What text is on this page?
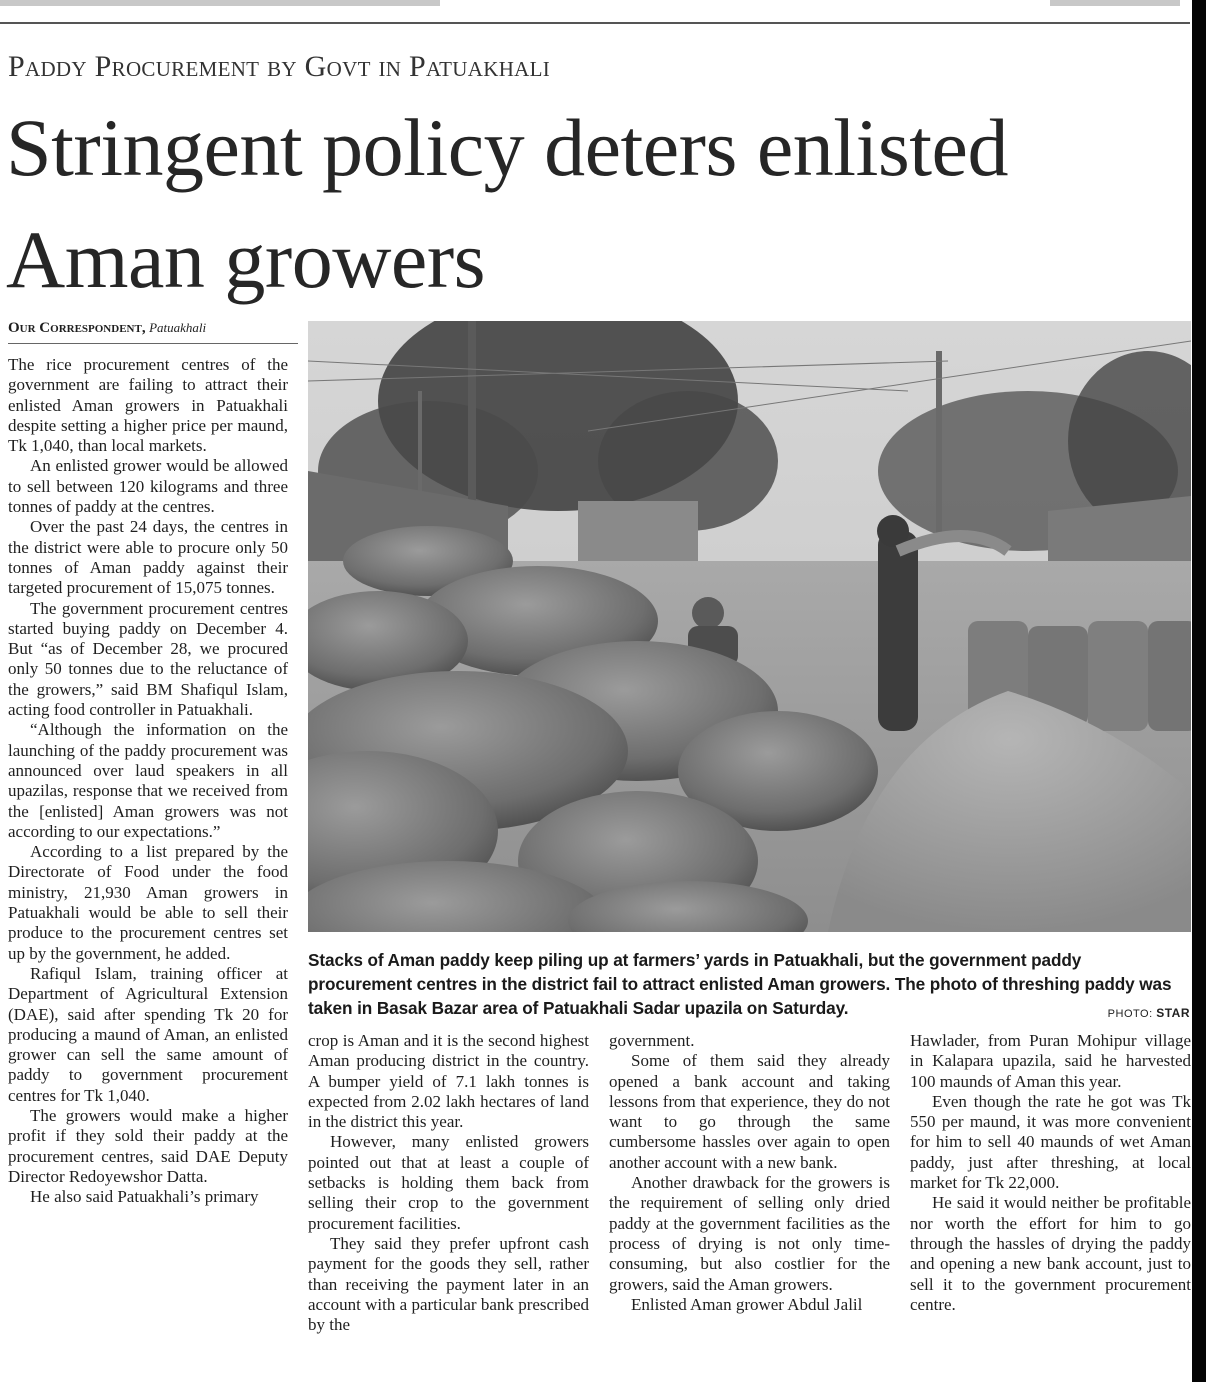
Paddy Procurement by Govt in Patuakhali
Stringent policy deters enlisted Aman growers
Our Correspondent, Patuakhali

The rice procurement centres of the government are failing to attract their enlisted Aman growers in Patuakhali despite setting a higher price per maund, Tk 1,040, than local markets.

An enlisted grower would be allowed to sell between 120 kilograms and three tonnes of paddy at the centres.

Over the past 24 days, the centres in the district were able to procure only 50 tonnes of Aman paddy against their targeted procurement of 15,075 tonnes.

The government procurement centres started buying paddy on December 4. But “as of December 28, we procured only 50 tonnes due to the reluctance of the growers,” said BM Shafiqul Islam, acting food controller in Patuakhali.

“Although the information on the launching of the paddy procurement was announced over laud speakers in all upazilas, response that we received from the [enlisted] Aman growers was not according to our expectations.”

According to a list prepared by the Directorate of Food under the food ministry, 21,930 Aman growers in Patuakhali would be able to sell their produce to the procurement centres set up by the government, he added.

Rafiqul Islam, training officer at Department of Agricultural Extension (DAE), said after spending Tk 20 for producing a maund of Aman, an enlisted grower can sell the same amount of paddy to government procurement centres for Tk 1,040.

The growers would make a higher profit if they sold their paddy at the procurement centres, said DAE Deputy Director Redoyewshor Datta.

He also said Patuakhali’s primary

Stacks of Aman paddy keep piling up at farmers’ yards in Patuakhali, but the government paddy procurement centres in the district fail to attract enlisted Aman growers. The photo of threshing paddy was taken in Basak Bazar area of Patuakhali Sadar upazila on Saturday.	PHOTO: STAR

crop is Aman and it is the second highest Aman producing district in the country. A bumper yield of 7.1 lakh tonnes is expected from 2.02 lakh hectares of land in the district this year.

However, many enlisted growers pointed out that at least a couple of setbacks is holding them back from selling their crop to the government procurement facilities.

They said they prefer upfront cash payment for the goods they sell, rather than receiving the payment later in an account with a particular bank prescribed by the

government.

Some of them said they already opened a bank account and taking lessons from that experience, they do not want to go through the same cumbersome hassles over again to open another account with a new bank.

Another drawback for the growers is the requirement of selling only dried paddy at the government facilities as the process of drying is not only time-consuming, but also costlier for the growers, said the Aman growers.

Enlisted Aman grower Abdul Jalil

Hawlader, from Puran Mohipur village in Kalapara upazila, said he harvested 100 maunds of Aman this year.

Even though the rate he got was Tk 550 per maund, it was more convenient for him to sell 40 maunds of wet Aman paddy, just after threshing, at local market for Tk 22,000.

He said it would neither be profitable nor worth the effort for him to go through the hassles of drying the paddy and opening a new bank account, just to sell it to the government procurement centre.
